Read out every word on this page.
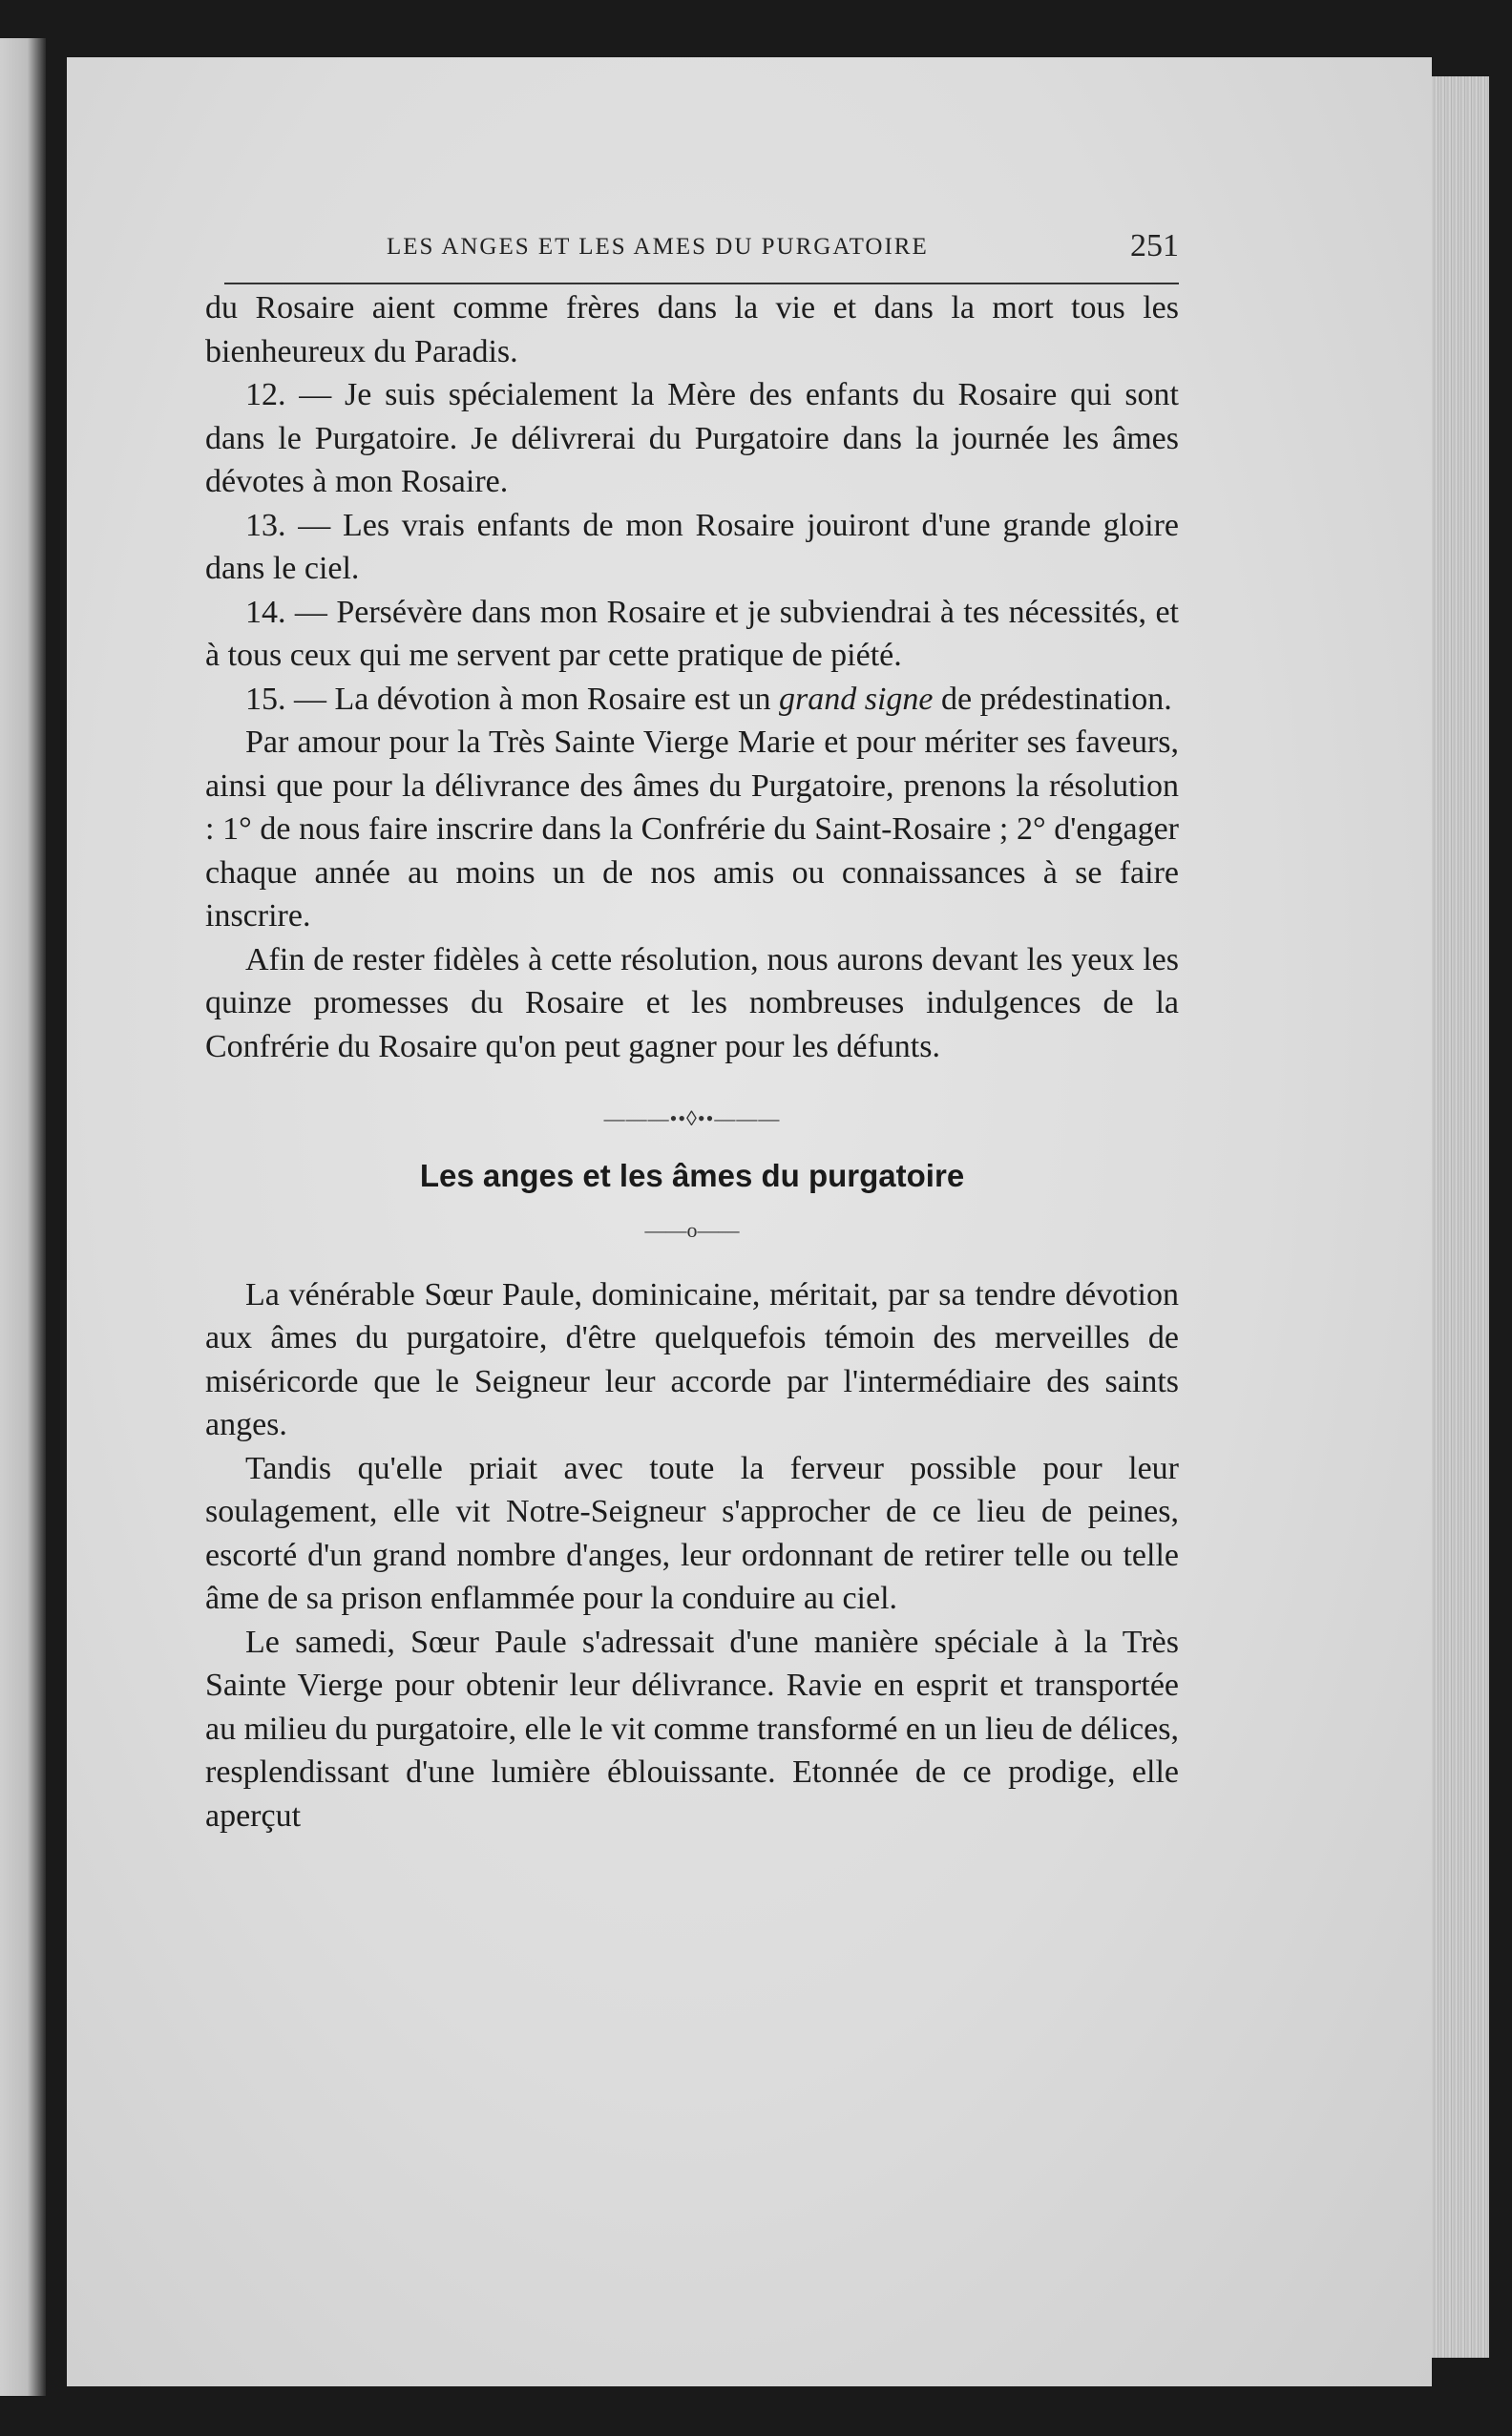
LES ANGES ET LES AMES DU PURGATOIRE	251

du Rosaire aient comme frères dans la vie et dans la mort tous les bienheureux du Paradis.

12. — Je suis spécialement la Mère des enfants du Rosaire qui sont dans le Purgatoire. Je délivrerai du Purgatoire dans la journée les âmes dévotes à mon Rosaire.

13. — Les vrais enfants de mon Rosaire jouiront d'une grande gloire dans le ciel.

14. — Persévère dans mon Rosaire et je subviendrai à tes nécessités, et à tous ceux qui me servent par cette pratique de piété.

15. — La dévotion à mon Rosaire est un grand signe de prédestination.

Par amour pour la Très Sainte Vierge Marie et pour mériter ses faveurs, ainsi que pour la délivrance des âmes du Purgatoire, prenons la résolution : 1° de nous faire inscrire dans la Confrérie du Saint-Rosaire ; 2° d'engager chaque année au moins un de nos amis ou connaissances à se faire inscrire.

Afin de rester fidèles à cette résolution, nous aurons devant les yeux les quinze promesses du Rosaire et les nombreuses indulgences de la Confrérie du Rosaire qu'on peut gagner pour les défunts.

———••◊••———
Les anges et les âmes du purgatoire
——o——

La vénérable Sœur Paule, dominicaine, méritait, par sa tendre dévotion aux âmes du purgatoire, d'être quelquefois témoin des merveilles de miséricorde que le Seigneur leur accorde par l'intermédiaire des saints anges.

Tandis qu'elle priait avec toute la ferveur possible pour leur soulagement, elle vit Notre-Seigneur s'approcher de ce lieu de peines, escorté d'un grand nombre d'anges, leur ordonnant de retirer telle ou telle âme de sa prison enflammée pour la conduire au ciel.

Le samedi, Sœur Paule s'adressait d'une manière spéciale à la Très Sainte Vierge pour obtenir leur délivrance. Ravie en esprit et transportée au milieu du purgatoire, elle le vit comme transformé en un lieu de délices, resplendissant d'une lumière éblouissante. Etonnée de ce prodige, elle aperçut
